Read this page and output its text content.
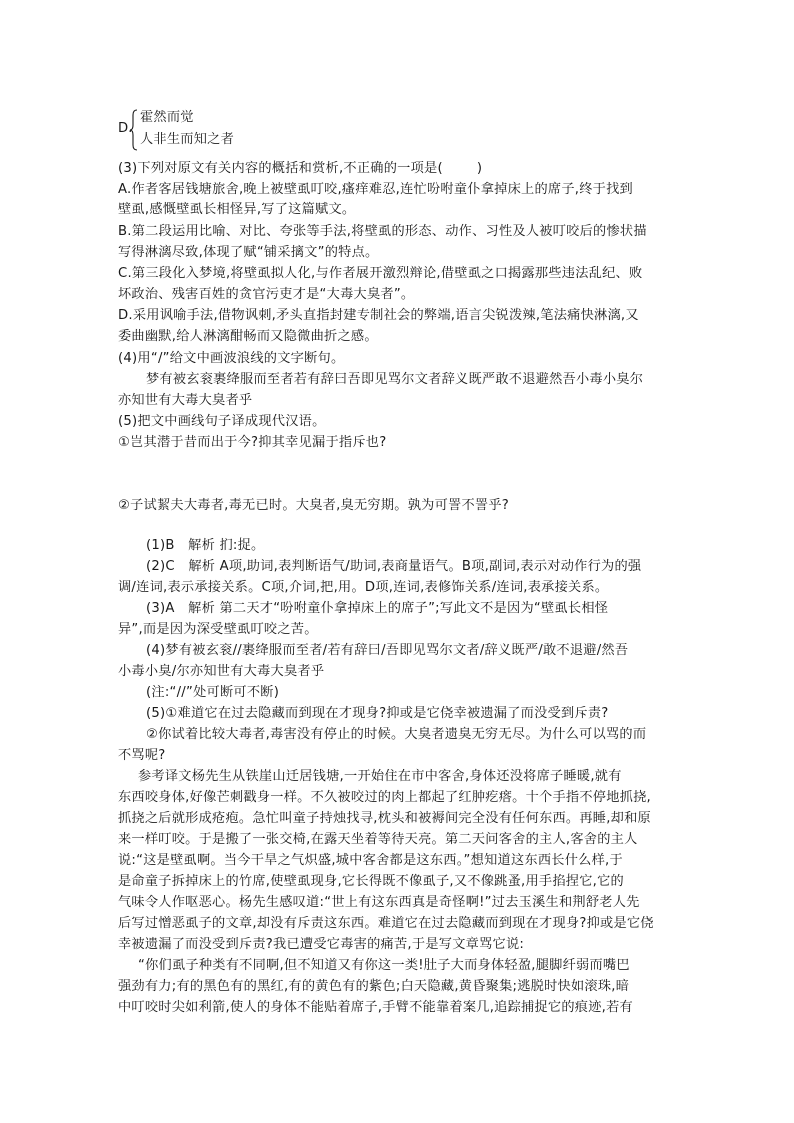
D.
霍然而觉
人非生而知之者
(3)下列对原文有关内容的概括和赏析,不正确的一项是(	)
A.作者客居钱塘旅舍,晚上被壁虱叮咬,瘙痒难忍,连忙吩咐童仆拿掉床上的席子,终于找到
壁虱,感慨壁虱长相怪异,写了这篇赋文。
B.第二段运用比喻、对比、夸张等手法,将壁虱的形态、动作、习性及人被叮咬后的惨状描
写得淋漓尽致,体现了赋“铺采摛文”的特点。
C.第三段化入梦境,将壁虱拟人化,与作者展开激烈辩论,借壁虱之口揭露那些违法乱纪、败
坏政治、残害百姓的贪官污吏才是“大毒大臭者”。
D.采用讽喻手法,借物讽刺,矛头直指封建专制社会的弊端,语言尖锐泼辣,笔法痛快淋漓,又
委曲幽默,给人淋漓酣畅而又隐微曲折之感。
(4)用“/”给文中画波浪线的文字断句。
梦有被玄衮裹绛服而至者若有辞曰吾即见骂尔文者辞义既严敢不退避然吾小毒小臭尔
亦知世有大毒大臭者乎
(5)把文中画线句子译成现代汉语。
①岂其潜于昔而出于今?抑其幸见漏于指斥也?
②子试絜夫大毒者,毒无已时。大臭者,臭无穷期。孰为可詈不詈乎?
(1)B　解析 扪:捉。
(2)C　解析 A项,助词,表判断语气/助词,表商量语气。B项,副词,表示对动作行为的强
调/连词,表示承接关系。C项,介词,把,用。D项,连词,表修饰关系/连词,表承接关系。
(3)A　解析 第二天才“吩咐童仆拿掉床上的席子”;写此文不是因为“壁虱长相怪
异”,而是因为深受壁虱叮咬之苦。
(4)梦有被玄衮//裹绛服而至者/若有辞曰/吾即见骂尔文者/辞义既严/敢不退避/然吾
小毒小臭/尔亦知世有大毒大臭者乎
(注:“//”处可断可不断)
(5)①难道它在过去隐藏而到现在才现身?抑或是它侥幸被遗漏了而没受到斥责?
②你试着比较大毒者,毒害没有停止的时候。大臭者遗臭无穷无尽。为什么可以骂的而
不骂呢?
参考译文杨先生从铁崖山迁居钱塘,一开始住在市中客舍,身体还没将席子睡暖,就有
东西咬身体,好像芒刺戳身一样。不久被咬过的肉上都起了红肿疙瘩。十个手指不停地抓挠,
抓挠之后就形成疮疱。急忙叫童子持烛找寻,枕头和被褥间完全没有任何东西。再睡,却和原
来一样叮咬。于是搬了一张交椅,在露天坐着等待天亮。第二天问客舍的主人,客舍的主人
说:“这是壁虱啊。当今干旱之气炽盛,城中客舍都是这东西。”想知道这东西长什么样,于
是命童子拆掉床上的竹席,使壁虱现身,它长得既不像虱子,又不像跳蚤,用手掐捏它,它的
气味令人作呕恶心。杨先生感叹道:“世上有这东西真是奇怪啊!”过去玉溪生和荆舒老人先
后写过憎恶虱子的文章,却没有斥责这东西。难道它在过去隐藏而到现在才现身?抑或是它侥
幸被遗漏了而没受到斥责?我已遭受它毒害的痛苦,于是写文章骂它说:
“你们虱子种类有不同啊,但不知道又有你这一类!肚子大而身体轻盈,腿脚纤弱而嘴巴
强劲有力;有的黑色有的黑红,有的黄色有的紫色;白天隐藏,黄昏聚集;逃脱时快如滚珠,暗
中叮咬时尖如利箭,使人的身体不能贴着席子,手臂不能靠着案几,追踪捕捉它的痕迹,若有
